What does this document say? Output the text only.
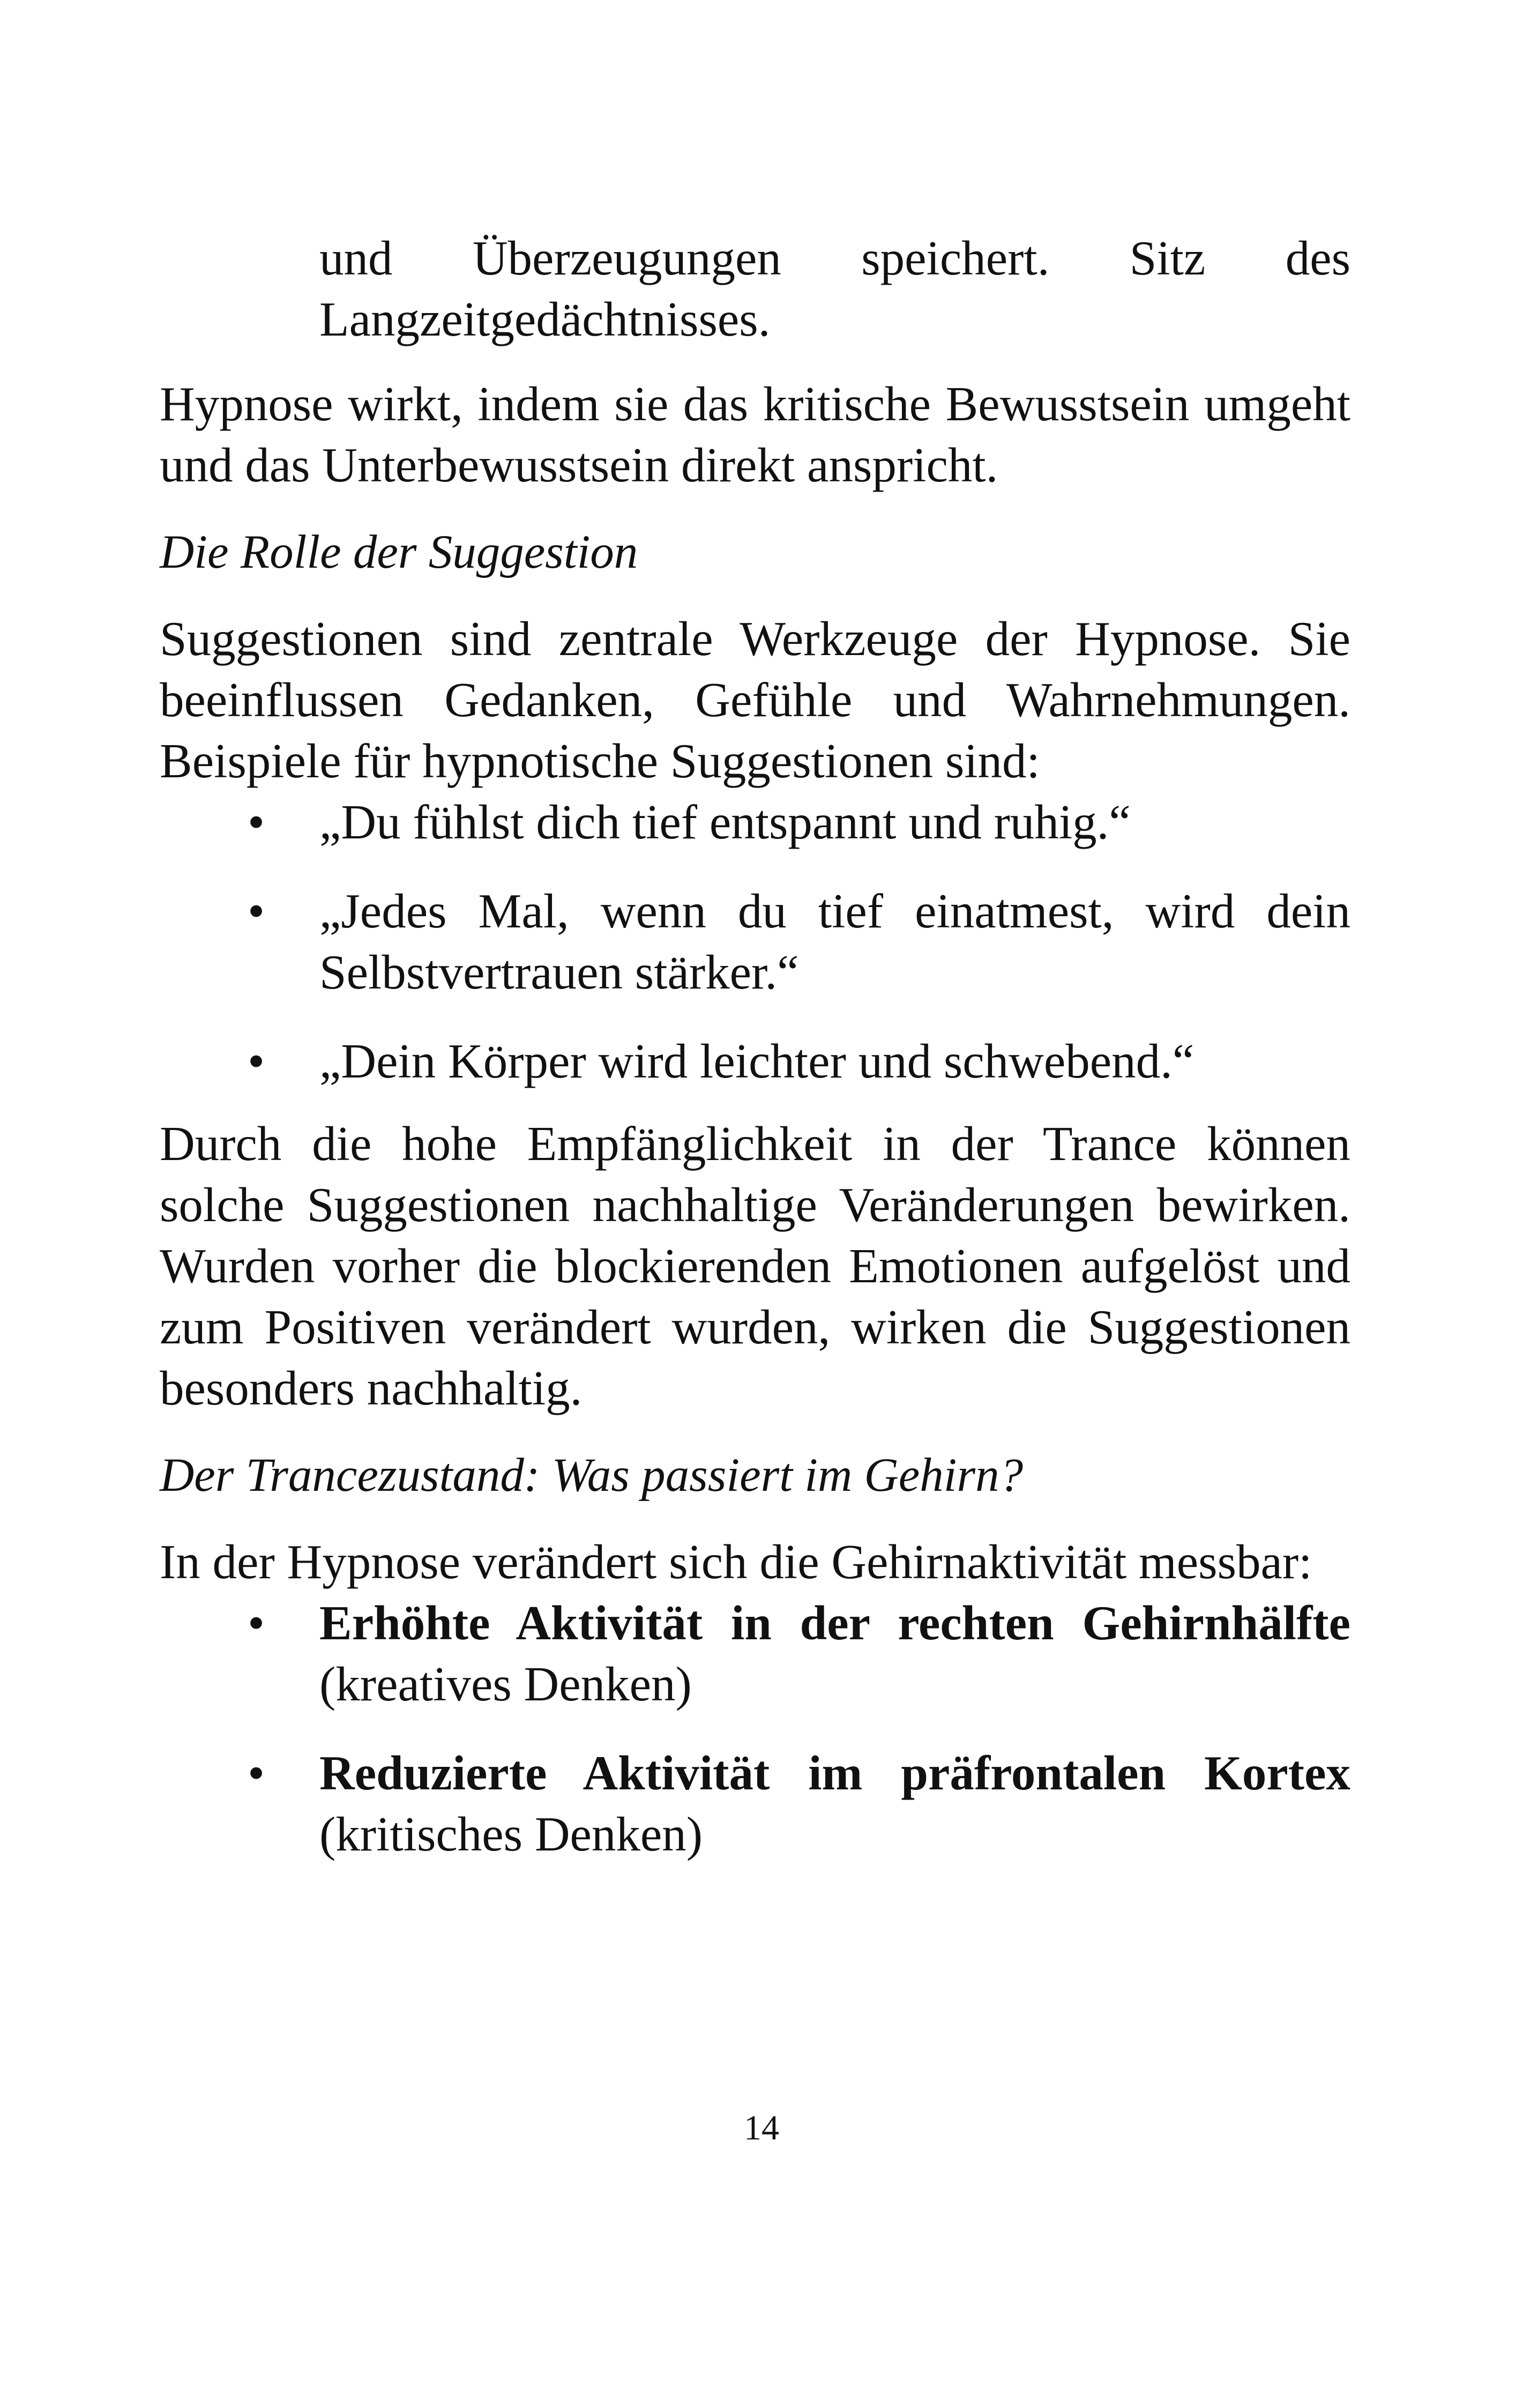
und Überzeugungen speichert. Sitz des Langzeitgedächtnisses.

Hypnose wirkt, indem sie das kritische Bewusstsein umgeht und das Unterbewusstsein direkt anspricht.

Die Rolle der Suggestion

Suggestionen sind zentrale Werkzeuge der Hypnose. Sie beeinflussen Gedanken, Gefühle und Wahrnehmungen. Beispiele für hypnotische Suggestionen sind:

• „Du fühlst dich tief entspannt und ruhig.“
• „Jedes Mal, wenn du tief einatmest, wird dein Selbstvertrauen stärker.“
• „Dein Körper wird leichter und schwebend.“

Durch die hohe Empfänglichkeit in der Trance können solche Suggestionen nachhaltige Veränderungen bewirken. Wurden vorher die blockierenden Emotionen aufgelöst und zum Positiven verändert wurden, wirken die Suggestionen besonders nachhaltig.

Der Trancezustand: Was passiert im Gehirn?

In der Hypnose verändert sich die Gehirnaktivität messbar:

• Erhöhte Aktivität in der rechten Gehirnhälfte (kreatives Denken)
• Reduzierte Aktivität im präfrontalen Kortex (kritisches Denken)
14
